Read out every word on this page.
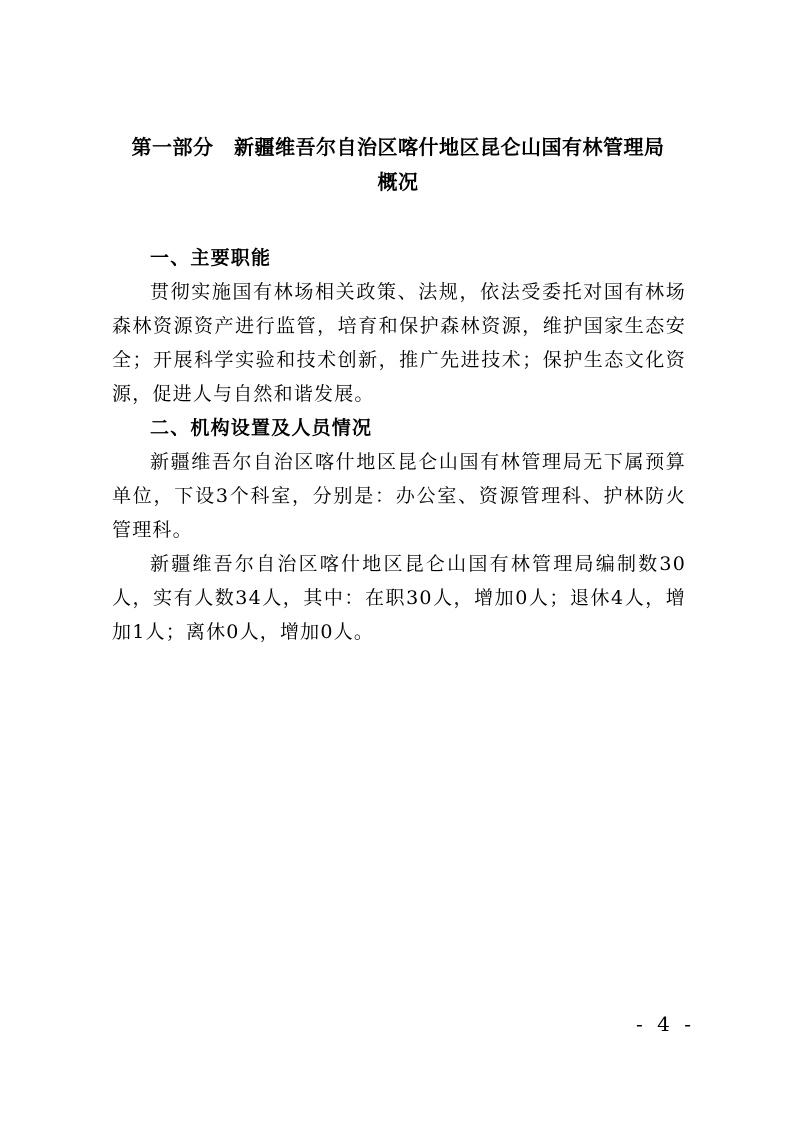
第一部分　新疆维吾尔自治区喀什地区昆仑山国有林管理局
概况

一、主要职能

贯彻实施国有林场相关政策、法规，依法受委托对国有林场森林资源资产进行监管，培育和保护森林资源，维护国家生态安全；开展科学实验和技术创新，推广先进技术；保护生态文化资源，促进人与自然和谐发展。

二、机构设置及人员情况

新疆维吾尔自治区喀什地区昆仑山国有林管理局无下属预算单位，下设3个科室，分别是：办公室、资源管理科、护林防火管理科。

新疆维吾尔自治区喀什地区昆仑山国有林管理局编制数30人，实有人数34人，其中：在职30人，增加0人；退休4人，增加1人；离休0人，增加0人。

- 4 -
